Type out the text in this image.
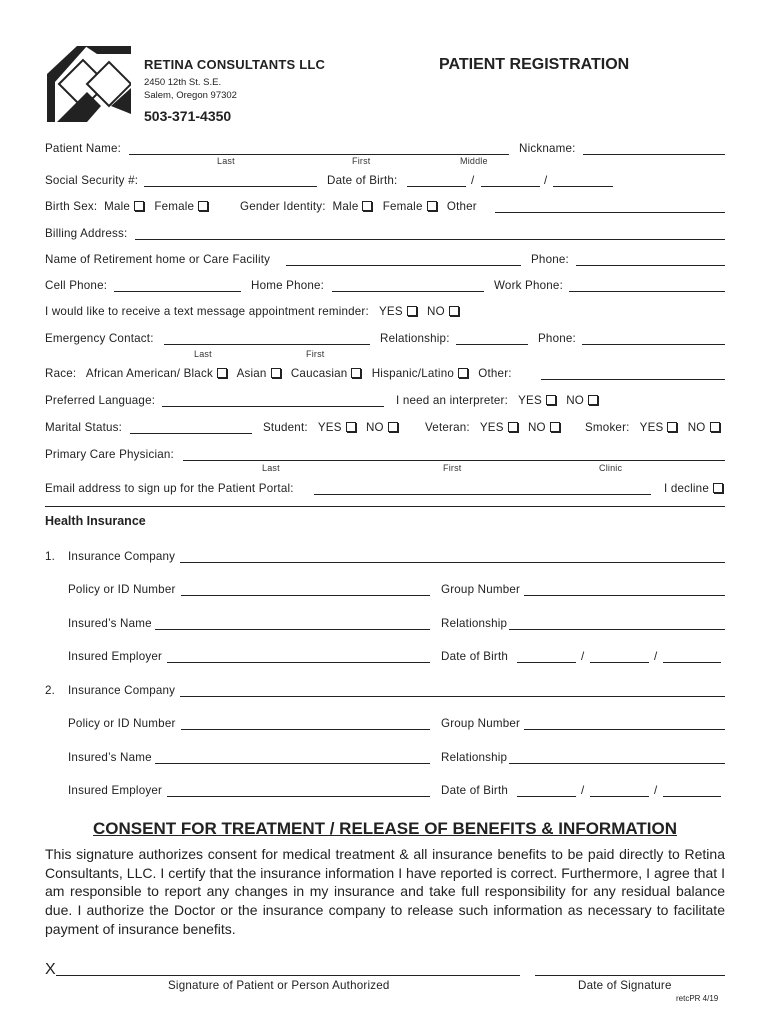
RETINA CONSULTANTS LLC
2450 12th St. S.E.
Salem, Oregon 97302
503-371-4350
PATIENT REGISTRATION
Patient Name:	Nickname:
Last	First	Middle
Social Security #:	Date of Birth:	/	/
Birth Sex: Male Female	Gender Identity: Male Female Other
Billing Address:
Name of Retirement home or Care Facility	Phone:
Cell Phone:	Home Phone:	Work Phone:
I would like to receive a text message appointment reminder: YES NO
Emergency Contact:	Relationship:	Phone:
Last	First
Race: African American/ Black Asian Caucasian Hispanic/Latino Other:
Preferred Language:	I need an interpreter: YES NO
Marital Status:	Student: YES NO	Veteran: YES NO	Smoker: YES NO
Primary Care Physician:
Last	First	Clinic
Email address to sign up for the Patient Portal:	I decline
Health Insurance
1. Insurance Company
Policy or ID Number	Group Number
Insured’s Name	Relationship
Insured Employer	Date of Birth	/	/
2. Insurance Company
Policy or ID Number	Group Number
Insured’s Name	Relationship
Insured Employer	Date of Birth	/	/
CONSENT FOR TREATMENT / RELEASE OF BENEFITS & INFORMATION
This signature authorizes consent for medical treatment & all insurance benefits to be paid directly to Retina Consultants, LLC. I certify that the insurance information I have reported is correct. Furthermore, I agree that I am responsible to report any changes in my insurance and take full responsibility for any residual balance due. I authorize the Doctor or the insurance company to release such information as necessary to facilitate payment of insurance benefits.
X
Signature of Patient or Person Authorized	Date of Signature
retcPR 4/19
